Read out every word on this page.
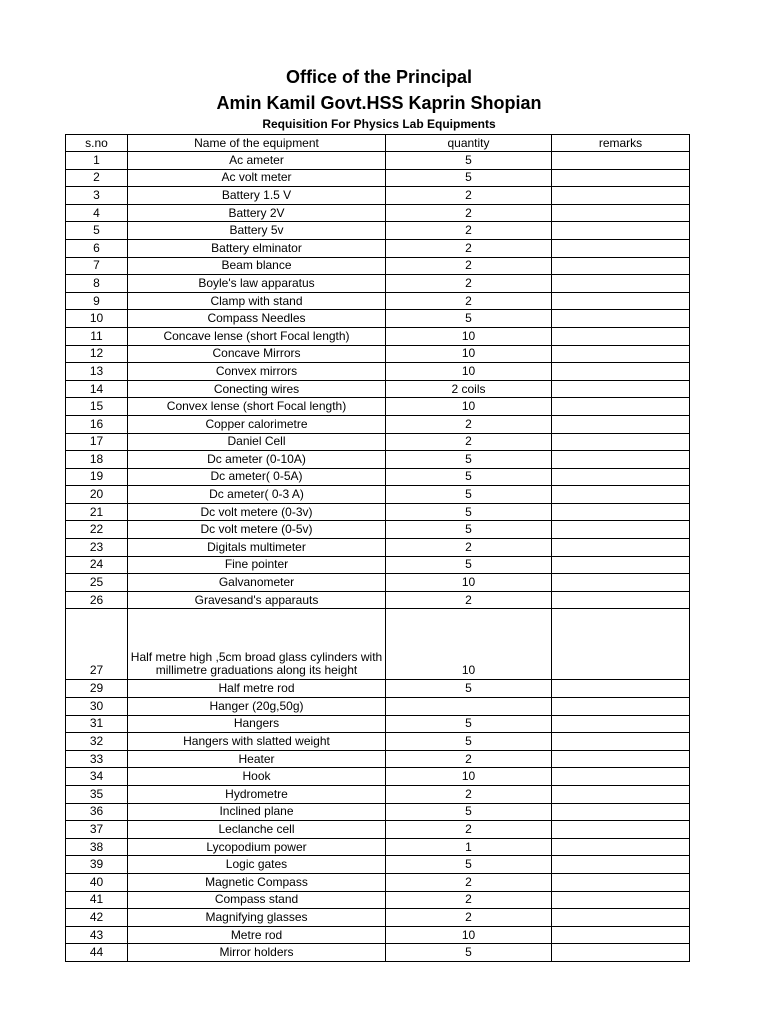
Office of the Principal
Amin Kamil Govt.HSS Kaprin Shopian
Requisition For Physics Lab Equipments
s.no	Name of the equipment	quantity	remarks
1	Ac ameter	5	
2	Ac volt meter	5	
3	Battery 1.5 V	2	
4	Battery 2V	2	
5	Battery 5v	2	
6	Battery elminator	2	
7	Beam blance	2	
8	Boyle's law apparatus	2	
9	Clamp with stand	2	
10	Compass Needles	5	
11	Concave lense (short Focal length)	10	
12	Concave Mirrors	10	
13	Convex mirrors	10	
14	Conecting wires	2 coils	
15	Convex lense (short Focal length)	10	
16	Copper calorimetre	2	
17	Daniel Cell	2	
18	Dc ameter (0-10A)	5	
19	Dc ameter( 0-5A)	5	
20	Dc ameter( 0-3 A)	5	
21	Dc volt metere (0-3v)	5	
22	Dc volt metere (0-5v)	5	
23	Digitals multimeter	2	
24	Fine pointer	5	
25	Galvanometer	10	
26	Gravesand's apparauts	2	
27	Half metre high ,5cm broad glass cylinders with millimetre graduations along its height	10	
29	Half metre rod	5	
30	Hanger (20g,50g)		
31	Hangers	5	
32	Hangers with slatted weight	5	
33	Heater	2	
34	Hook	10	
35	Hydrometre	2	
36	Inclined plane	5	
37	Leclanche cell	2	
38	Lycopodium power	1	
39	Logic gates	5	
40	Magnetic Compass	2	
41	Compass stand	2	
42	Magnifying glasses	2	
43	Metre rod	10	
44	Mirror holders	5	
